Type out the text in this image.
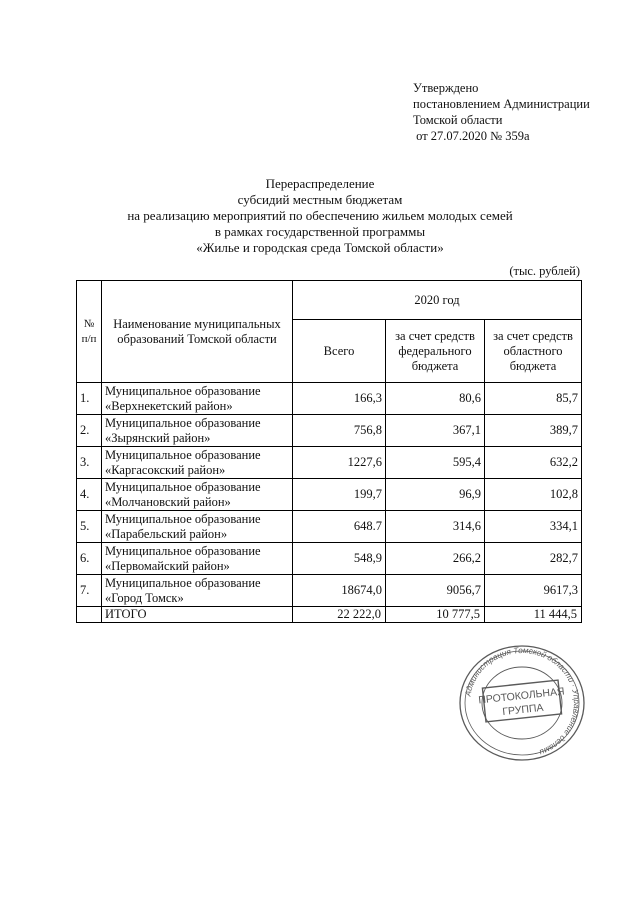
Утверждено
постановлением Администрации
Томской области
от 27.07.2020 № 359а
Перераспределение
субсидий местным бюджетам
на реализацию мероприятий по обеспечению жильем молодых семей
в рамках государственной программы
«Жилье и городская среда Томской области»
(тыс. рублей)
№ п/п	Наименование муниципальных образований Томской области	2020 год		
		Всего	за счет средств федерального бюджета	за счет средств областного бюджета
1.	Муниципальное образование
«Верхнекетский район»	166,3	80,6	85,7
2.	Муниципальное образование
«Зырянский район»	756,8	367,1	389,7
3.	Муниципальное образование
«Каргасокский район»	1227,6	595,4	632,2
4.	Муниципальное образование
«Молчановский район»	199,7	96,9	102,8
5.	Муниципальное образование
«Парабельский район»	648.7	314,6	334,1
6.	Муниципальное образование
«Первомайский район»	548,9	266,2	282,7
7.	Муниципальное образование
«Город Томск»	18674,0	9056,7	9617,3
	ИТОГО	22 222,0	10 777,5	11 444,5
Администрация Томской области · Управление делами ·
ПРОТОКОЛЬНАЯ
ГРУППА
